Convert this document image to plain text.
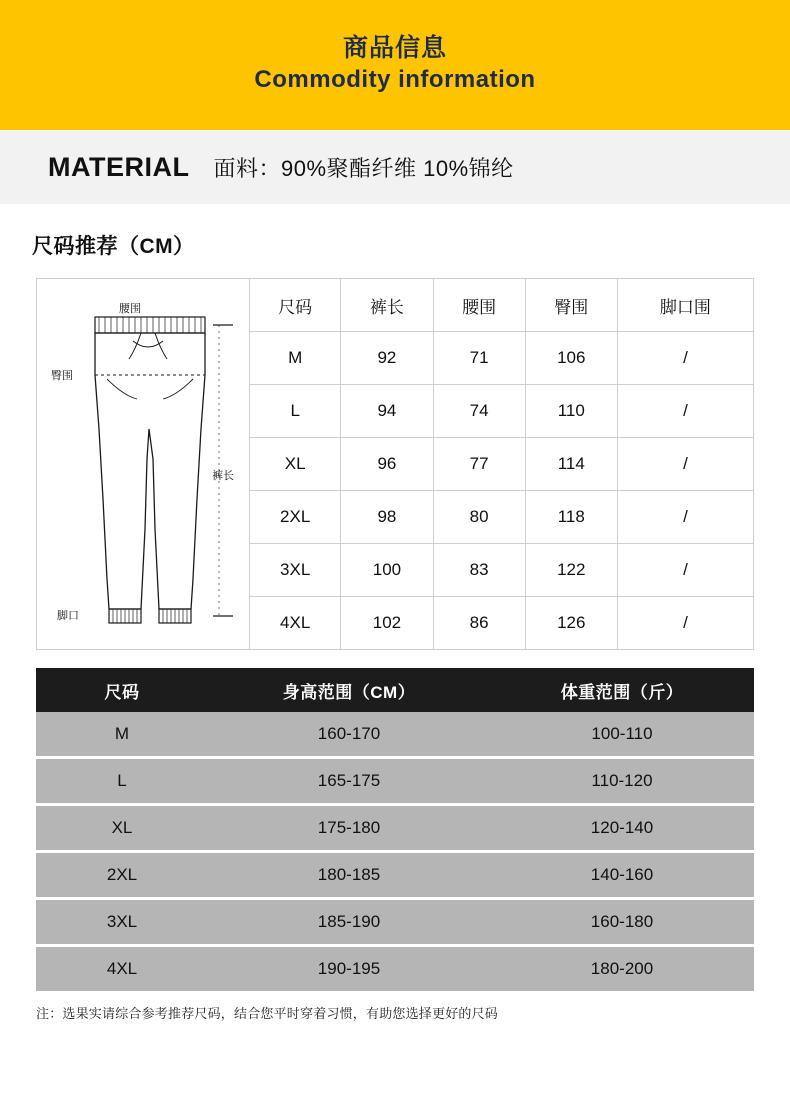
商品信息
Commodity information
MATERIAL 面料：90%聚酯纤维 10%锦纶
尺码推荐（CM）
腰围
臀围
裤长
脚口
尺码	裤长	腰围	臀围	脚口围
M	92	71	106	/
L	94	74	110	/
XL	96	77	114	/
2XL	98	80	118	/
3XL	100	83	122	/
4XL	102	86	126	/
尺码	身高范围（CM）	体重范围（斤）
M	160-170	100-110
L	165-175	110-120
XL	175-180	120-140
2XL	180-185	140-160
3XL	185-190	160-180
4XL	190-195	180-200
注：选果实请综合参考推荐尺码，结合您平时穿着习惯，有助您选择更好的尺码
